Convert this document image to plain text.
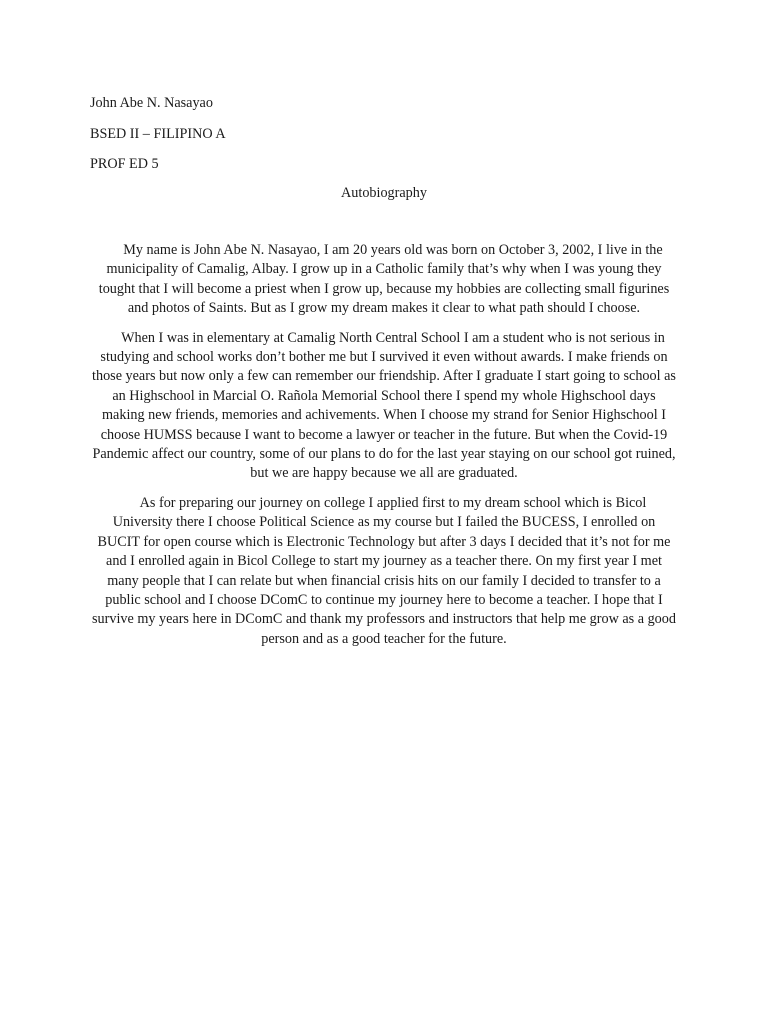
John Abe N. Nasayao
BSED II – FILIPINO A
PROF ED 5
Autobiography

My name is John Abe N. Nasayao, I am 20 years old was born on October 3, 2002, I live in the municipality of Camalig, Albay. I grow up in a Catholic family that’s why when I was young they tought that I will become a priest when I grow up, because my hobbies are collecting small figurines and photos of Saints. But as I grow my dream makes it clear to what path should I choose.

When I was in elementary at Camalig North Central School I am a student who is not serious in studying and school works don’t bother me but I survived it even without awards. I make friends on those years but now only a few can remember our friendship. After I graduate I start going to school as an Highschool in Marcial O. Rañola Memorial School there I spend my whole Highschool days making new friends, memories and achivements. When I choose my strand for Senior Highschool I choose HUMSS because I want to become a lawyer or teacher in the future. But when the Covid-19 Pandemic affect our country, some of our plans to do for the last year staying on our school got ruined, but we are happy because we all are graduated.

As for preparing our journey on college I applied first to my dream school which is Bicol University there I choose Political Science as my course but I failed the BUCESS, I enrolled on BUCIT for open course which is Electronic Technology but after 3 days I decided that it’s not for me and I enrolled again in Bicol College to start my journey as a teacher there. On my first year I met many people that I can relate but when financial crisis hits on our family I decided to transfer to a public school and I choose DComC to continue my journey here to become a teacher. I hope that I survive my years here in DComC and thank my professors and instructors that help me grow as a good person and as a good teacher for the future.
